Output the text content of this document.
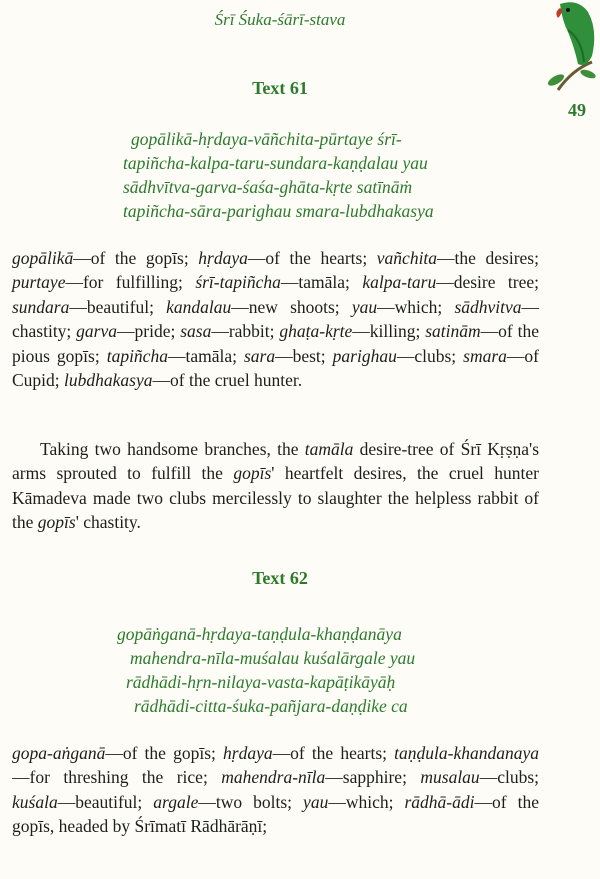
Śrī Śuka-śārī-stava
49
Text 61
gopālikā-hṛdaya-vāñchita-pūrtaye śrī-
tapiñcha-kalpa-taru-sundara-kaṇḍalau yau
sādhvītva-garva-śaśa-ghāta-kṛte satīnāṁ
tapiñcha-sāra-parighau smara-lubdhakasya

gopālikā—of the gopīs; hṛdaya—of the hearts; vañchita—the desires; purtaye—for fulfilling; śrī-tapiñcha—tamāla; kalpa-taru—desire tree; sundara—beautiful; kandalau—new shoots; yau—which; sādhvitva—chastity; garva—pride; sasa—rabbit; ghaṭa-kṛte—killing; satinām—of the pious gopīs; tapiñcha—tamāla; sara—best; parighau—clubs; smara—of Cupid; lubdhakasya—of the cruel hunter.

Taking two handsome branches, the tamāla desire-tree of Śrī Kṛṣṇa's arms sprouted to fulfill the gopīs' heartfelt desires, the cruel hunter Kāmadeva made two clubs mercilessly to slaughter the helpless rabbit of the gopīs' chastity.

Text 62
gopāṅganā-hṛdaya-taṇḍula-khaṇḍanāya
mahendra-nīla-muśalau kuśalārgale yau
rādhādi-hṛn-nilaya-vasta-kapāṭikāyāḥ
rādhādi-citta-śuka-pañjara-daṇḍike ca

gopa-aṅganā—of the gopīs; hṛdaya—of the hearts; taṇḍula-khandanaya—for threshing the rice; mahendra-nīla—sapphire; musalau—clubs; kuśala—beautiful; argale—two bolts; yau—which; rādhā-ādi—of the gopīs, headed by Śrīmatī Rādhārāṇī;
